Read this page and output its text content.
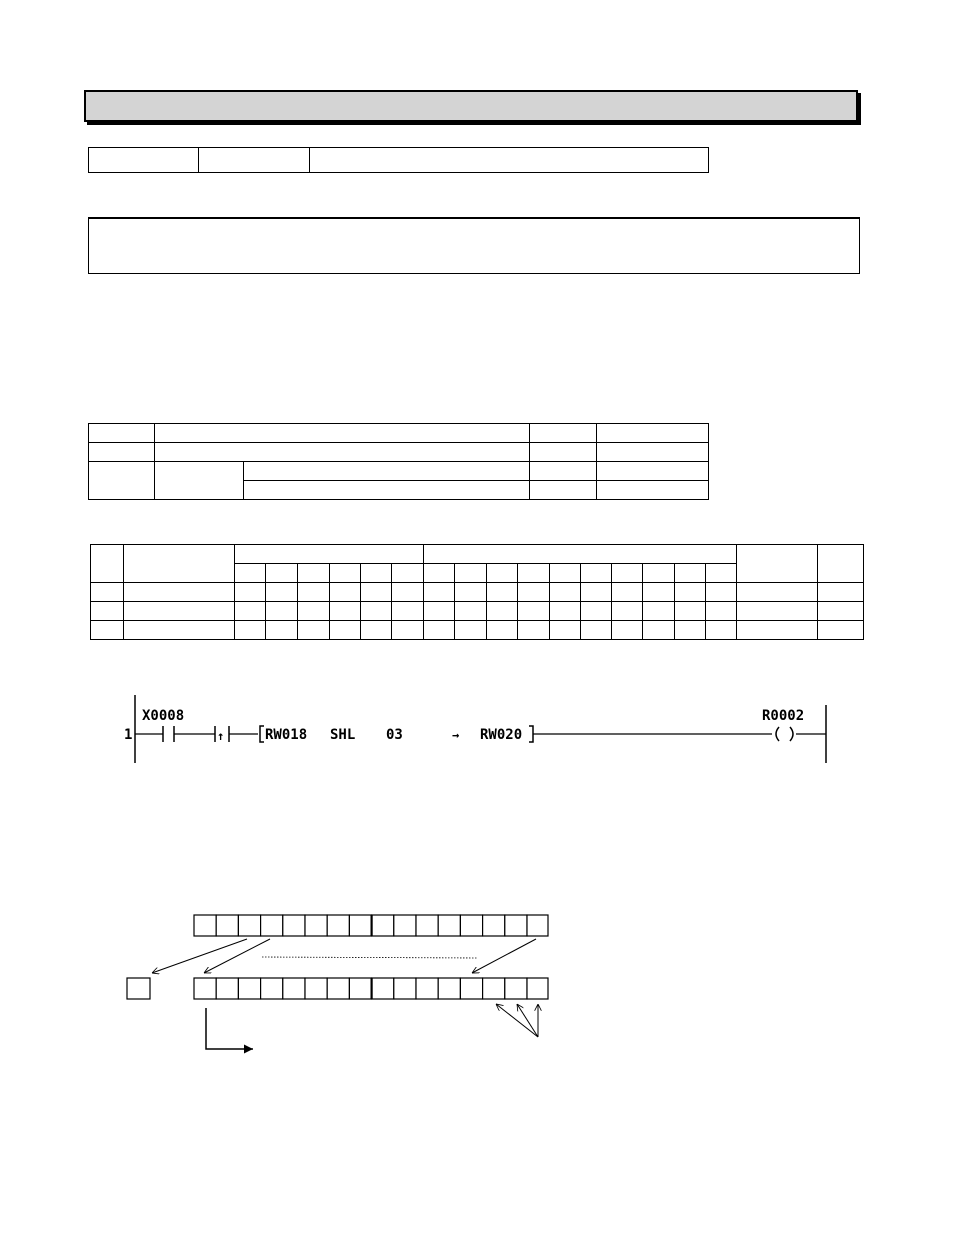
1
X0008
↑	RW018 SHL 03	→ RW020
R0002
